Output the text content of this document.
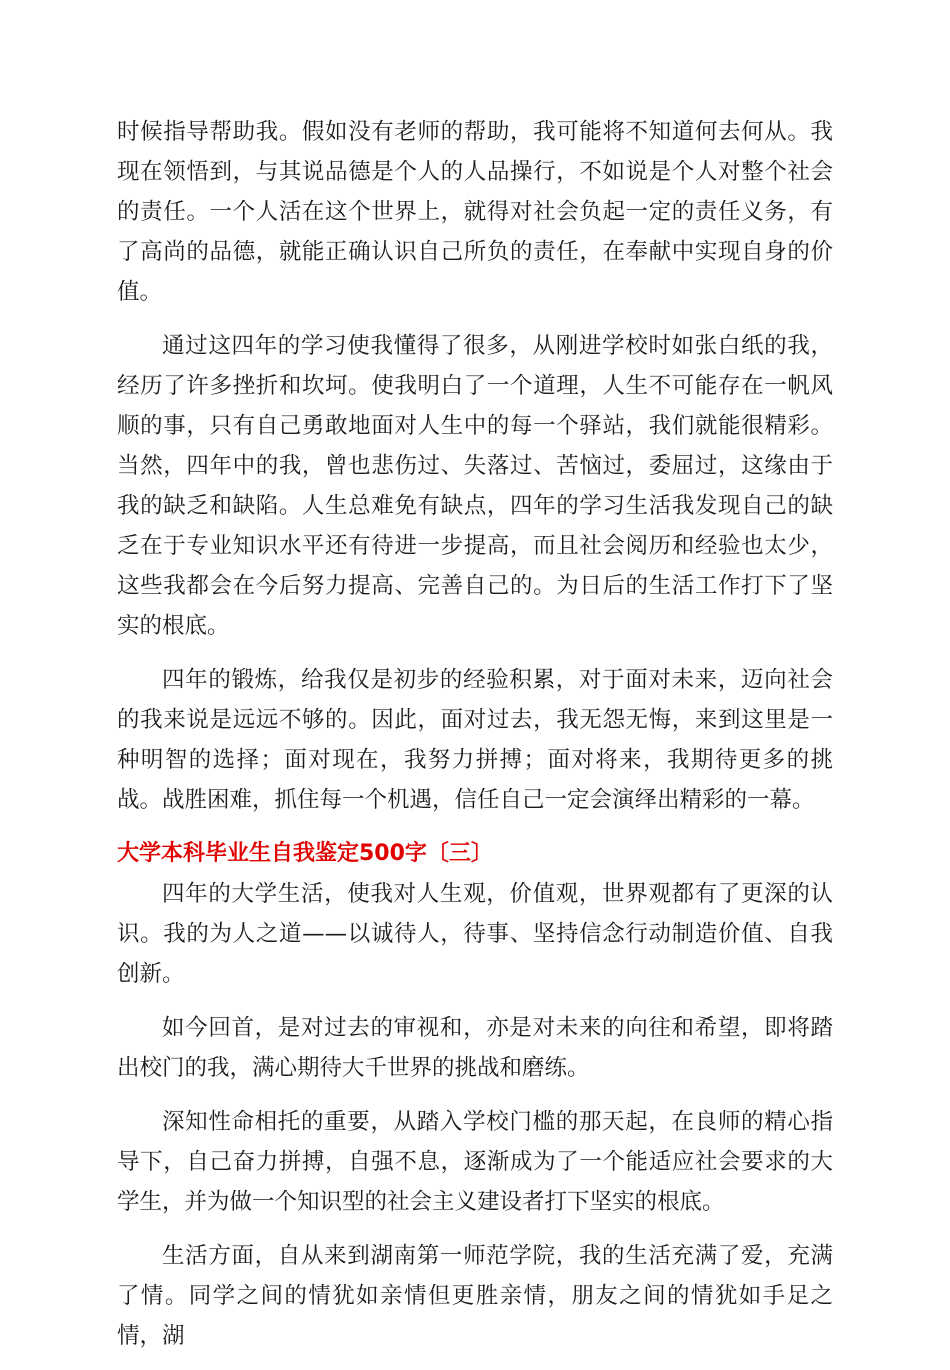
时候指导帮助我。假如没有老师的帮助，我可能将不知道何去何从。我现在领悟到，与其说品德是个人的人品操行，不如说是个人对整个社会的责任。一个人活在这个世界上，就得对社会负起一定的责任义务，有了高尚的品德，就能正确认识自己所负的责任，在奉献中实现自身的价值。

通过这四年的学习使我懂得了很多，从刚进学校时如张白纸的我，经历了许多挫折和坎坷。使我明白了一个道理，人生不可能存在一帆风顺的事，只有自己勇敢地面对人生中的每一个驿站，我们就能很精彩。当然，四年中的我，曾也悲伤过、失落过、苦恼过，委屈过，这缘由于我的缺乏和缺陷。人生总难免有缺点，四年的学习生活我发现自己的缺乏在于专业知识水平还有待进一步提高，而且社会阅历和经验也太少，这些我都会在今后努力提高、完善自己的。为日后的生活工作打下了坚实的根底。

四年的锻炼，给我仅是初步的经验积累，对于面对未来，迈向社会的我来说是远远不够的。因此，面对过去，我无怨无悔，来到这里是一种明智的选择；面对现在，我努力拼搏；面对将来，我期待更多的挑战。战胜困难，抓住每一个机遇，信任自己一定会演绎出精彩的一幕。

大学本科毕业生自我鉴定500字〔三〕

四年的大学生活，使我对人生观，价值观，世界观都有了更深的认识。我的为人之道——以诚待人，待事、坚持信念行动制造价值、自我创新。

如今回首，是对过去的审视和，亦是对未来的向往和希望，即将踏出校门的我，满心期待大千世界的挑战和磨练。

深知性命相托的重要，从踏入学校门槛的那天起，在良师的精心指导下，自己奋力拼搏，自强不息，逐渐成为了一个能适应社会要求的大学生，并为做一个知识型的社会主义建设者打下坚实的根底。

生活方面，自从来到湖南第一师范学院，我的生活充满了爱，充满了情。同学之间的情犹如亲情但更胜亲情，朋友之间的情犹如手足之情，湖
